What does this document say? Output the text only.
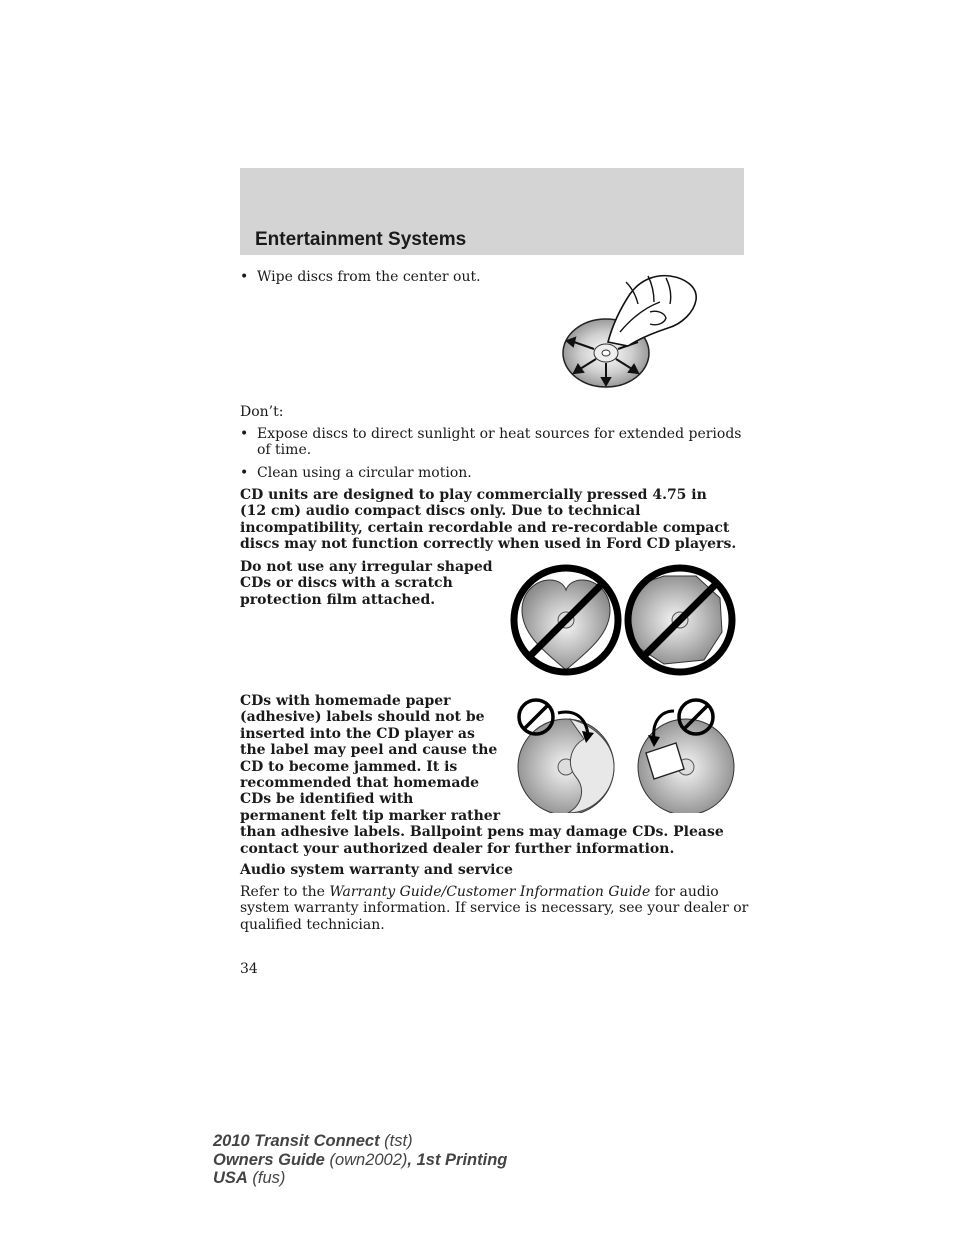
Entertainment Systems
• Wipe discs from the center out.
Don’t:
• Expose discs to direct sunlight or heat sources for extended periods
of time.
• Clean using a circular motion.
CD units are designed to play commercially pressed 4.75 in
(12 cm) audio compact discs only. Due to technical
incompatibility, certain recordable and re-recordable compact
discs may not function correctly when used in Ford CD players.
Do not use any irregular shaped
CDs or discs with a scratch
protection film attached.
CDs with homemade paper
(adhesive) labels should not be
inserted into the CD player as
the label may peel and cause the
CD to become jammed. It is
recommended that homemade
CDs be identified with
permanent felt tip marker rather
than adhesive labels. Ballpoint pens may damage CDs. Please
contact your authorized dealer for further information.
Audio system warranty and service
Refer to the Warranty Guide/Customer Information Guide for audio
system warranty information. If service is necessary, see your dealer or
qualified technician.
34
2010 Transit Connect (tst)
Owners Guide (own2002), 1st Printing
USA (fus)
